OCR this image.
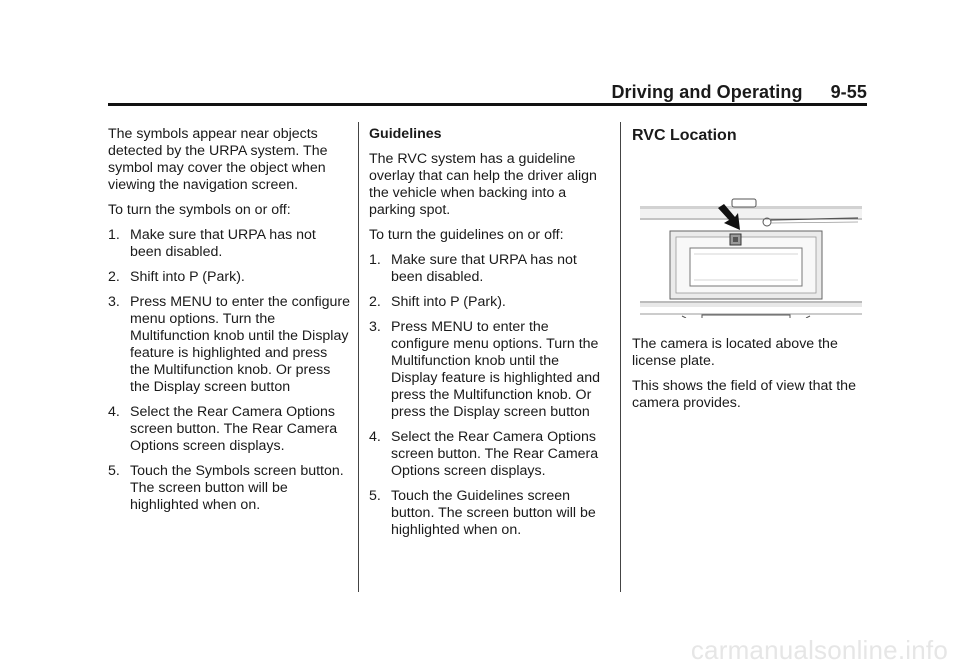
Driving and Operating 9-55

The symbols appear near objects detected by the URPA system. The symbol may cover the object when viewing the navigation screen.

To turn the symbols on or off:

1. Make sure that URPA has not been disabled.
2. Shift into P (Park).
3. Press MENU to enter the configure menu options. Turn the Multifunction knob until the Display feature is highlighted and press the Multifunction knob. Or press the Display screen button
4. Select the Rear Camera Options screen button. The Rear Camera Options screen displays.
5. Touch the Symbols screen button. The screen button will be highlighted when on.

Guidelines

The RVC system has a guideline overlay that can help the driver align the vehicle when backing into a parking spot.

To turn the guidelines on or off:

1. Make sure that URPA has not been disabled.
2. Shift into P (Park).
3. Press MENU to enter the configure menu options. Turn the Multifunction knob until the Display feature is highlighted and press the Multifunction knob. Or press the Display screen button
4. Select the Rear Camera Options screen button. The Rear Camera Options screen displays.
5. Touch the Guidelines screen button. The screen button will be highlighted when on.
RVC Location

The camera is located above the license plate.

This shows the field of view that the camera provides.

carmanualsonline.info
